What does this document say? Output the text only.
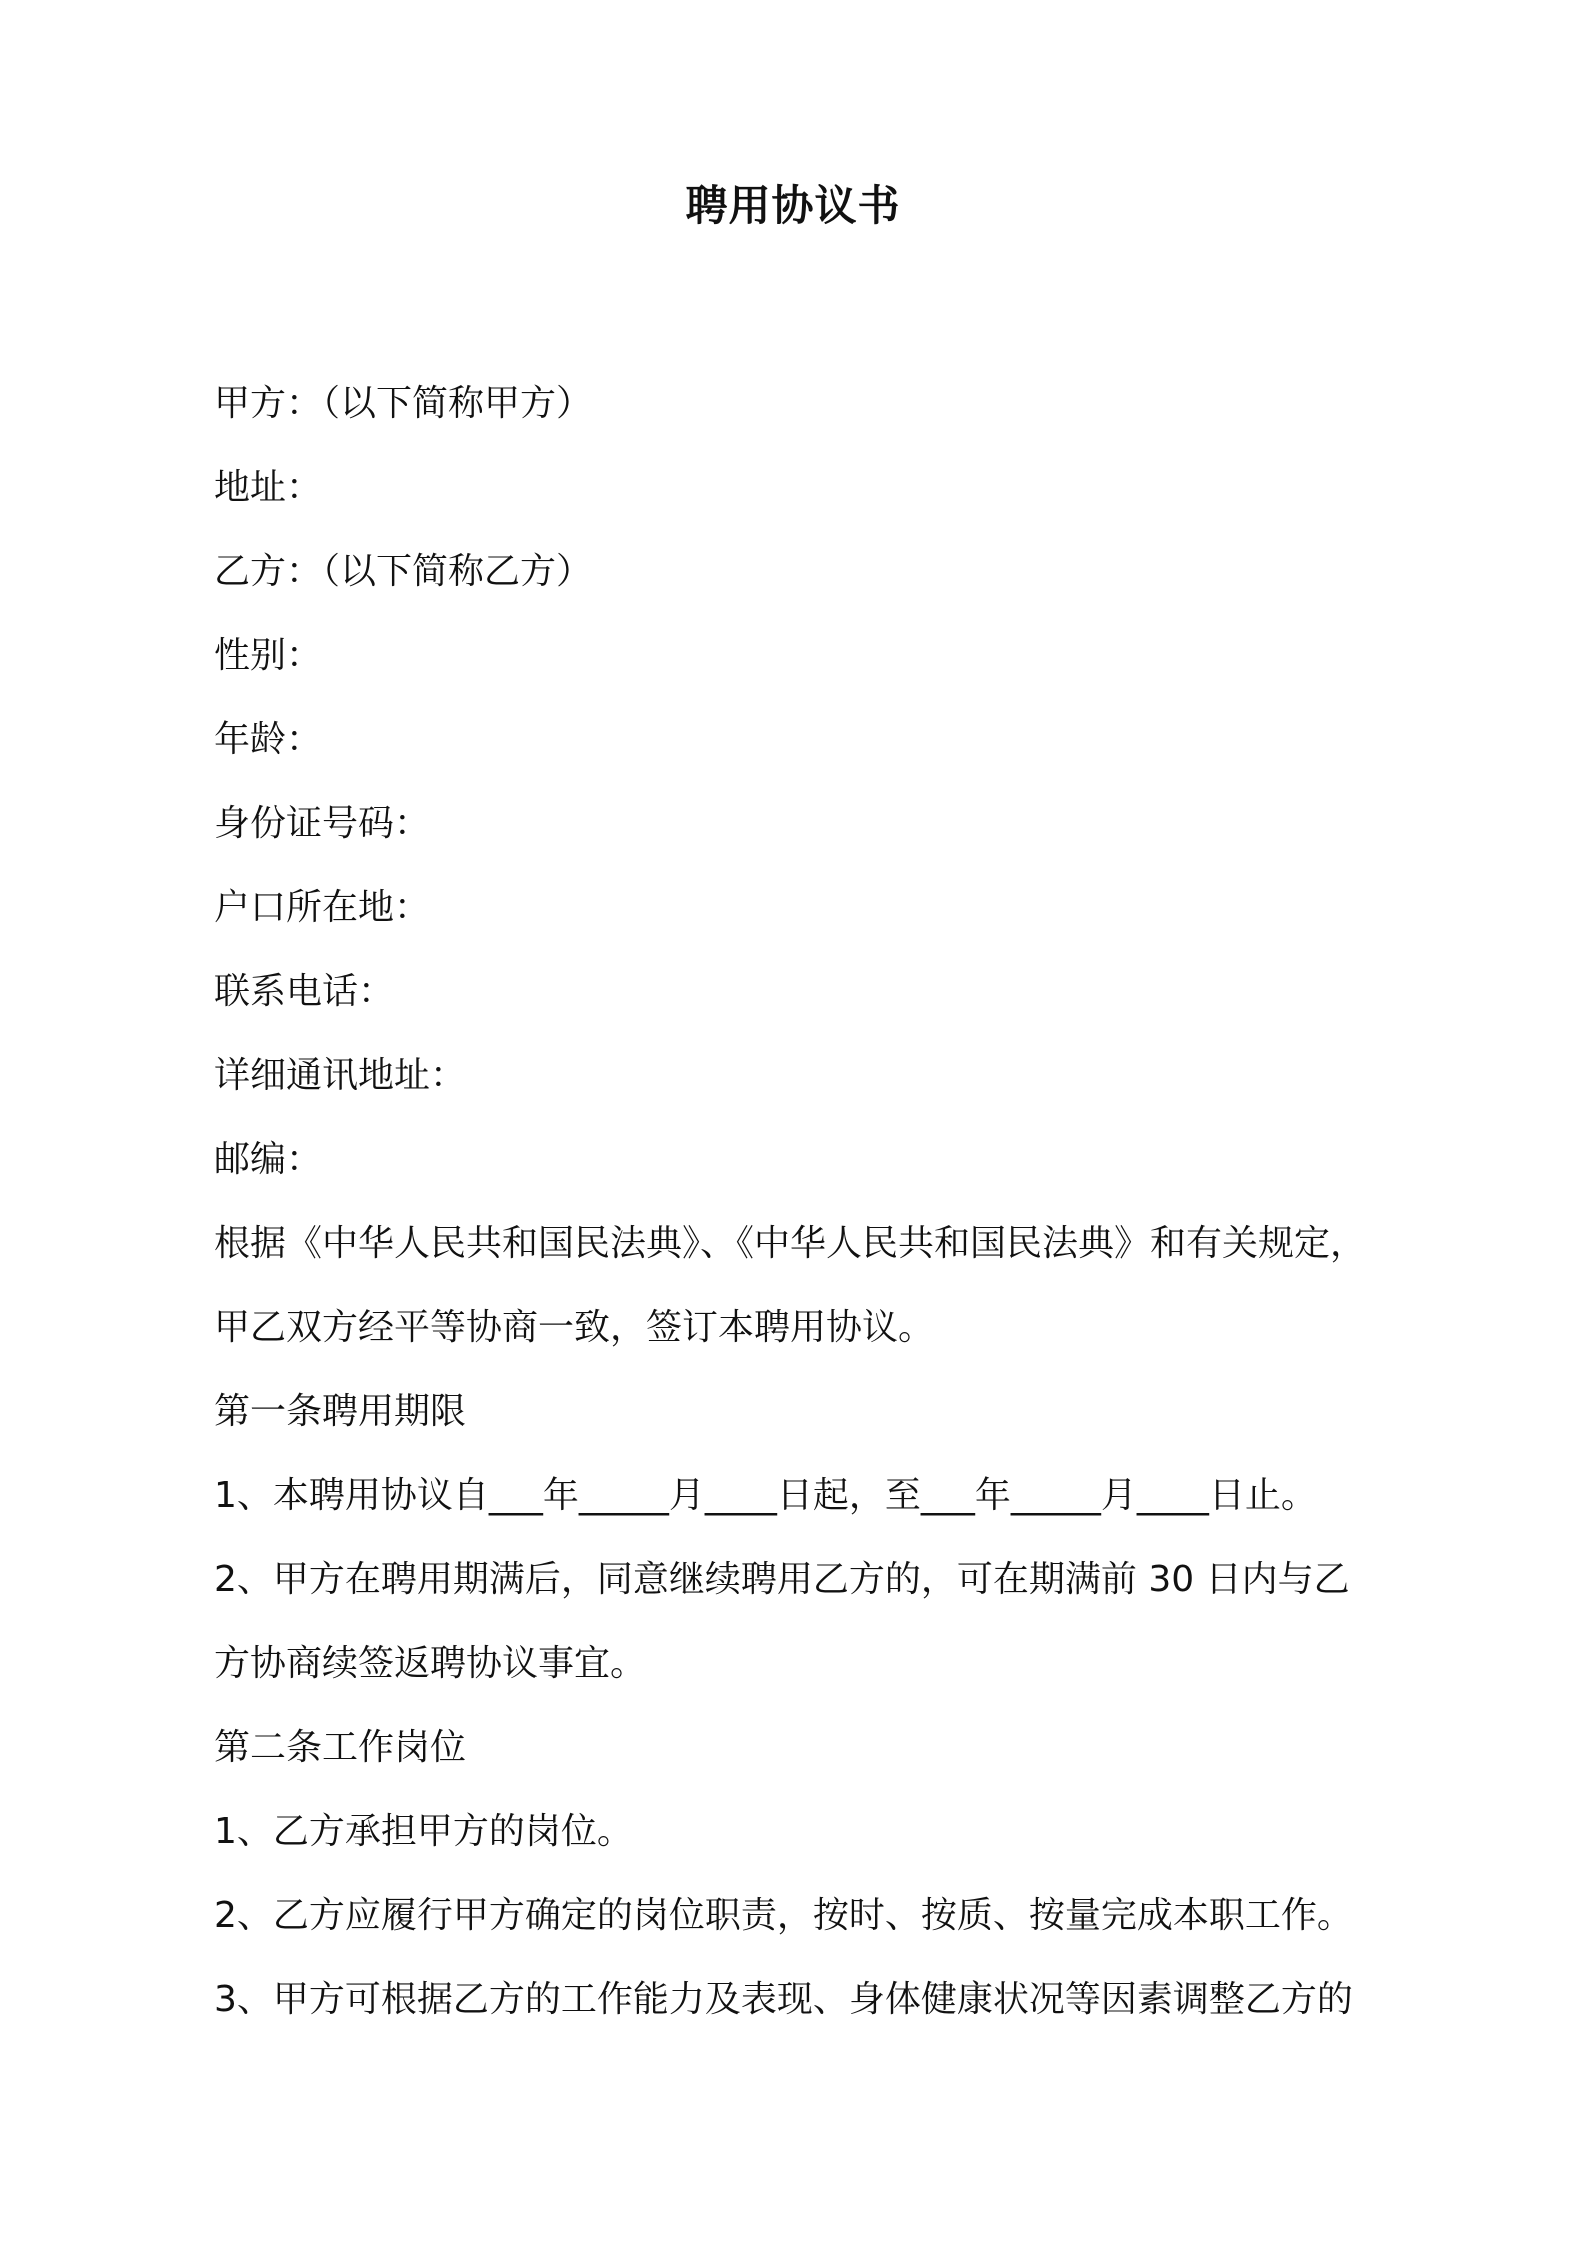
聘用协议书
甲方：（以下简称甲方）
地址：
乙方：（以下简称乙方）
性别：
年龄：
身份证号码：
户口所在地：
联系电话：
详细通讯地址：
邮编：
根据《中华人民共和国民法典》、《中华人民共和国民法典》和有关规定，
甲乙双方经平等协商一致，签订本聘用协议。
第一条聘用期限
1、本聘用协议自___年_____月____日起，至___年_____月____日止。
2、甲方在聘用期满后，同意继续聘用乙方的，可在期满前 30 日内与乙
方协商续签返聘协议事宜。
第二条工作岗位
1、乙方承担甲方的岗位。
2、乙方应履行甲方确定的岗位职责，按时、按质、按量完成本职工作。
3、甲方可根据乙方的工作能力及表现、身体健康状况等因素调整乙方的
